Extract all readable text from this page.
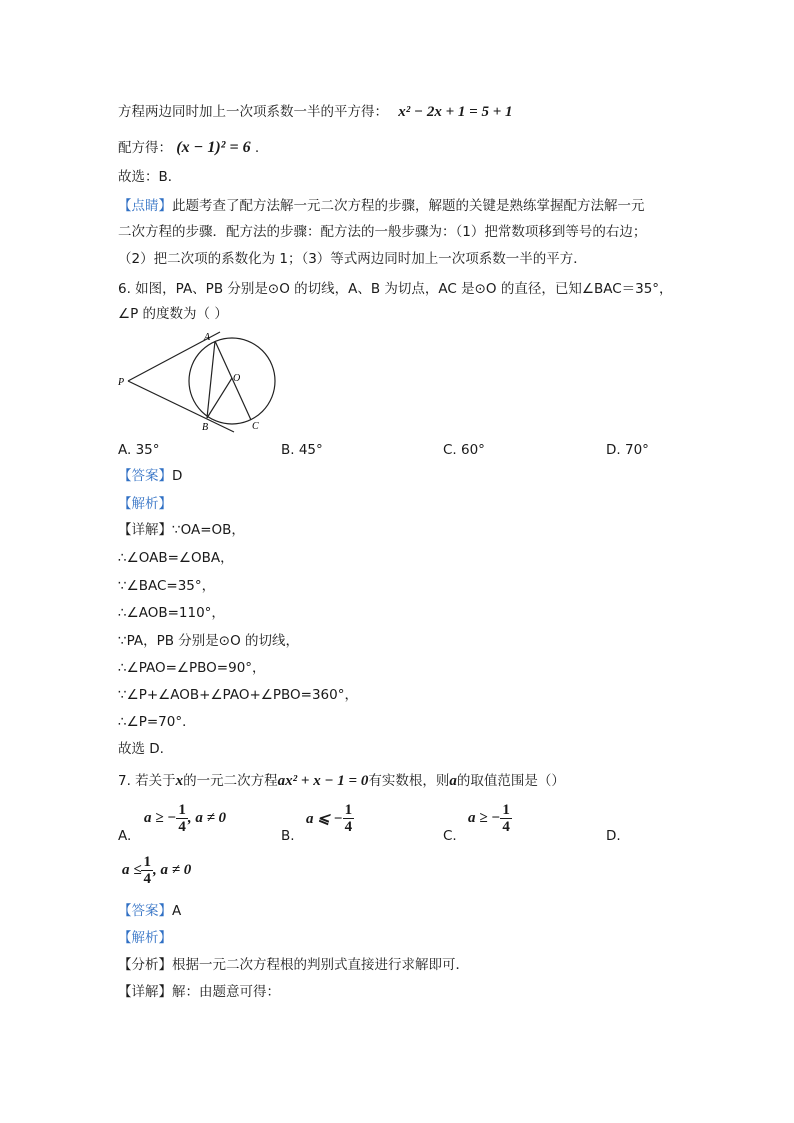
方程两边同时加上一次项系数一半的平方得： x² − 2x + 1 = 5 + 1
配方得： (x − 1)² = 6 .
故选：B．
【点睛】此题考查了配方法解一元二次方程的步骤，解题的关键是熟练掌握配方法解一元
二次方程的步骤．配方法的步骤：配方法的一般步骤为：（1）把常数项移到等号的右边；
（2）把二次项的系数化为 1；（3）等式两边同时加上一次项系数一半的平方．
6. 如图，PA、PB 分别是⊙O 的切线，A、B 为切点，AC 是⊙O 的直径，已知∠BAC＝35°，
∠P 的度数为（ ）
A
O
P
B	C
A. 35°	B. 45°	C. 60°	D. 70°
【答案】D
【解析】
【详解】∵OA=OB，
∴∠OAB=∠OBA，
∵∠BAC=35°，
∴∠AOB=110°，
∵PA，PB 分别是⊙O 的切线，
∴∠PAO=∠PBO=90°，
∵∠P+∠AOB+∠PAO+∠PBO=360°，
∴∠P=70°．
故选 D.
7. 若关于x的一元二次方程ax² + x − 1 = 0有实数根，则a的取值范围是（）
a ≥ − $\frac{1}{4}$ , a ≠ 0
A.
a ⩽ − $\frac{1}{4}$
B.
a ≥ − $\frac{1}{4}$
C.	D.
$a \le \frac{1}{4}$ , a ≠ 0
【答案】A
【解析】
【分析】根据一元二次方程根的判别式直接进行求解即可．
【详解】解：由题意可得：
